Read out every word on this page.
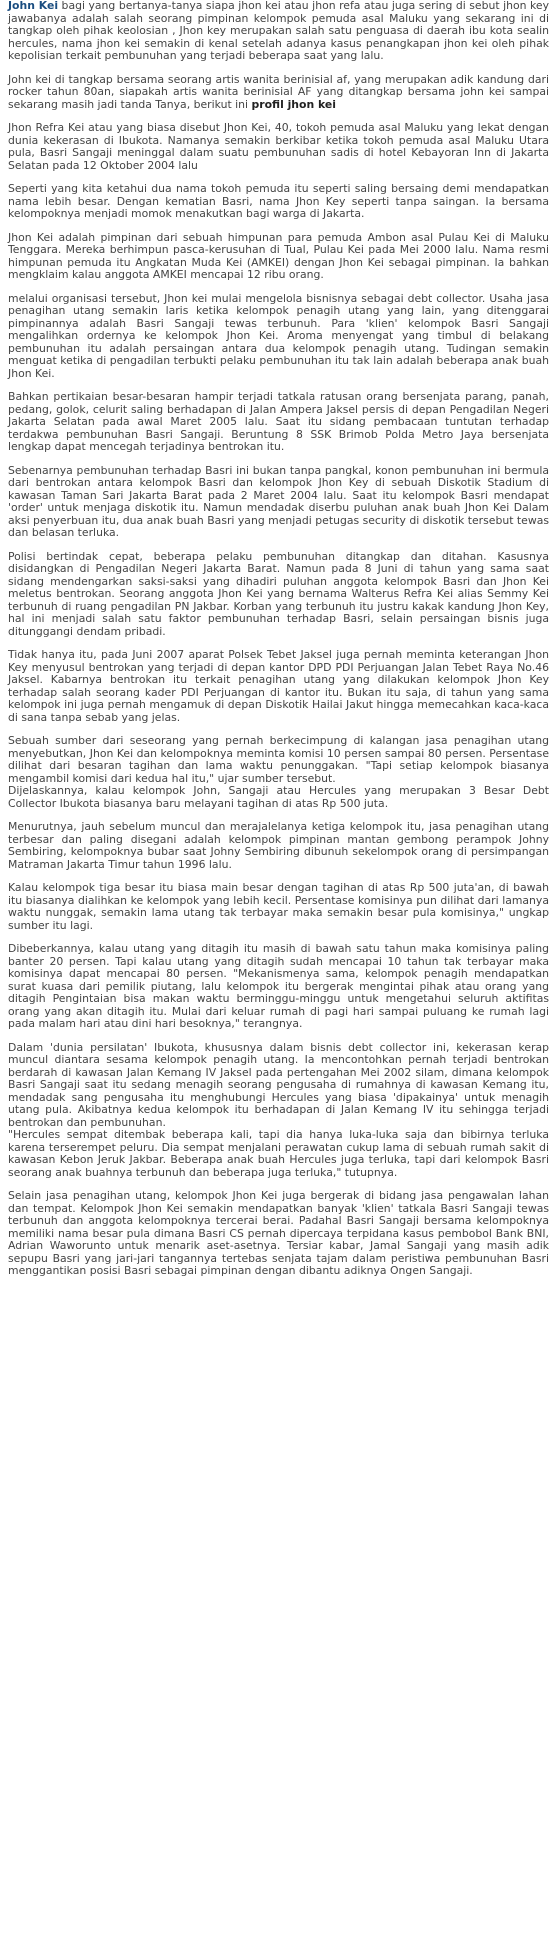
John Kei bagi yang bertanya-tanya siapa jhon kei atau jhon refa atau juga sering di sebut jhon key jawabanya adalah salah seorang pimpinan kelompok pemuda asal Maluku yang sekarang ini di tangkap oleh pihak keolosian , Jhon key merupakan salah satu penguasa di daerah ibu kota sealin hercules, nama jhon kei semakin di kenal setelah adanya kasus penangkapan jhon kei oleh pihak kepolisian terkait pembunuhan yang terjadi beberapa saat yang lalu.

John kei di tangkap bersama seorang artis wanita berinisial af, yang merupakan adik kandung dari rocker tahun 80an, siapakah artis wanita berinisial AF yang ditangkap bersama john kei sampai sekarang masih jadi tanda Tanya, berikut ini profil jhon kei

Jhon Refra Kei atau yang biasa disebut Jhon Kei, 40, tokoh pemuda asal Maluku yang lekat dengan dunia kekerasan di Ibukota. Namanya semakin berkibar ketika tokoh pemuda asal Maluku Utara pula, Basri Sangaji meninggal dalam suatu pembunuhan sadis di hotel Kebayoran Inn di Jakarta Selatan pada 12 Oktober 2004 lalu

Seperti yang kita ketahui dua nama tokoh pemuda itu seperti saling bersaing demi mendapatkan nama lebih besar. Dengan kematian Basri, nama Jhon Key seperti tanpa saingan. Ia bersama kelompoknya menjadi momok menakutkan bagi warga di Jakarta.

Jhon Kei adalah pimpinan dari sebuah himpunan para pemuda Ambon asal Pulau Kei di Maluku Tenggara. Mereka berhimpun pasca-kerusuhan di Tual, Pulau Kei pada Mei 2000 lalu. Nama resmi himpunan pemuda itu Angkatan Muda Kei (AMKEI) dengan Jhon Kei sebagai pimpinan. Ia bahkan mengklaim kalau anggota AMKEI mencapai 12 ribu orang.

melalui organisasi tersebut, Jhon kei mulai mengelola bisnisnya sebagai debt collector. Usaha jasa penagihan utang semakin laris ketika kelompok penagih utang yang lain, yang ditenggarai pimpinannya adalah Basri Sangaji tewas terbunuh. Para 'klien' kelompok Basri Sangaji mengalihkan ordernya ke kelompok Jhon Kei. Aroma menyengat yang timbul di belakang pembunuhan itu adalah persaingan antara dua kelompok penagih utang. Tudingan semakin menguat ketika di pengadilan terbukti pelaku pembunuhan itu tak lain adalah beberapa anak buah Jhon Kei.

Bahkan pertikaian besar-besaran hampir terjadi tatkala ratusan orang bersenjata parang, panah, pedang, golok, celurit saling berhadapan di Jalan Ampera Jaksel persis di depan Pengadilan Negeri Jakarta Selatan pada awal Maret 2005 lalu. Saat itu sidang pembacaan tuntutan terhadap terdakwa pembunuhan Basri Sangaji. Beruntung 8 SSK Brimob Polda Metro Jaya bersenjata lengkap dapat mencegah terjadinya bentrokan itu.

Sebenarnya pembunuhan terhadap Basri ini bukan tanpa pangkal, konon pembunuhan ini bermula dari bentrokan antara kelompok Basri dan kelompok Jhon Key di sebuah Diskotik Stadium di kawasan Taman Sari Jakarta Barat pada 2 Maret 2004 lalu. Saat itu kelompok Basri mendapat 'order' untuk menjaga diskotik itu. Namun mendadak diserbu puluhan anak buah Jhon Kei Dalam aksi penyerbuan itu, dua anak buah Basri yang menjadi petugas security di diskotik tersebut tewas dan belasan terluka.

Polisi bertindak cepat, beberapa pelaku pembunuhan ditangkap dan ditahan. Kasusnya disidangkan di Pengadilan Negeri Jakarta Barat. Namun pada 8 Juni di tahun yang sama saat sidang mendengarkan saksi-saksi yang dihadiri puluhan anggota kelompok Basri dan Jhon Kei meletus bentrokan. Seorang anggota Jhon Kei yang bernama Walterus Refra Kei alias Semmy Kei terbunuh di ruang pengadilan PN Jakbar. Korban yang terbunuh itu justru kakak kandung Jhon Key, hal ini menjadi salah satu faktor pembunuhan terhadap Basri, selain persaingan bisnis juga ditunggangi dendam pribadi.

Tidak hanya itu, pada Juni 2007 aparat Polsek Tebet Jaksel juga pernah meminta keterangan Jhon Key menyusul bentrokan yang terjadi di depan kantor DPD PDI Perjuangan Jalan Tebet Raya No.46 Jaksel. Kabarnya bentrokan itu terkait penagihan utang yang dilakukan kelompok Jhon Key terhadap salah seorang kader PDI Perjuangan di kantor itu. Bukan itu saja, di tahun yang sama kelompok ini juga pernah mengamuk di depan Diskotik Hailai Jakut hingga memecahkan kaca-kaca di sana tanpa sebab yang jelas.

Sebuah sumber dari seseorang yang pernah berkecimpung di kalangan jasa penagihan utang menyebutkan, Jhon Kei dan kelompoknya meminta komisi 10 persen sampai 80 persen. Persentase dilihat dari besaran tagihan dan lama waktu penunggakan. "Tapi setiap kelompok biasanya mengambil komisi dari kedua hal itu," ujar sumber tersebut.
Dijelaskannya, kalau kelompok John, Sangaji atau Hercules yang merupakan 3 Besar Debt Collector Ibukota biasanya baru melayani tagihan di atas Rp 500 juta.

Menurutnya, jauh sebelum muncul dan merajalelanya ketiga kelompok itu, jasa penagihan utang terbesar dan paling disegani adalah kelompok pimpinan mantan gembong perampok Johny Sembiring, kelompoknya bubar saat Johny Sembiring dibunuh sekelompok orang di persimpangan Matraman Jakarta Timur tahun 1996 lalu.

Kalau kelompok tiga besar itu biasa main besar dengan tagihan di atas Rp 500 juta'an, di bawah itu biasanya dialihkan ke kelompok yang lebih kecil. Persentase komisinya pun dilihat dari lamanya waktu nunggak, semakin lama utang tak terbayar maka semakin besar pula komisinya," ungkap sumber itu lagi.

Dibeberkannya, kalau utang yang ditagih itu masih di bawah satu tahun maka komisinya paling banter 20 persen. Tapi kalau utang yang ditagih sudah mencapai 10 tahun tak terbayar maka komisinya dapat mencapai 80 persen. "Mekanismenya sama, kelompok penagih mendapatkan surat kuasa dari pemilik piutang, lalu kelompok itu bergerak mengintai pihak atau orang yang ditagih Pengintaian bisa makan waktu berminggu-minggu untuk mengetahui seluruh aktifitas orang yang akan ditagih itu. Mulai dari keluar rumah di pagi hari sampai puluang ke rumah lagi pada malam hari atau dini hari besoknya," terangnya.

Dalam 'dunia persilatan' Ibukota, khususnya dalam bisnis debt collector ini, kekerasan kerap muncul diantara sesama kelompok penagih utang. Ia mencontohkan pernah terjadi bentrokan berdarah di kawasan Jalan Kemang IV Jaksel pada pertengahan Mei 2002 silam, dimana kelompok Basri Sangaji saat itu sedang menagih seorang pengusaha di rumahnya di kawasan Kemang itu, mendadak sang pengusaha itu menghubungi Hercules yang biasa 'dipakainya' untuk menagih utang pula. Akibatnya kedua kelompok itu berhadapan di Jalan Kemang IV itu sehingga terjadi bentrokan dan pembunuhan.
"Hercules sempat ditembak beberapa kali, tapi dia hanya luka-luka saja dan bibirnya terluka karena terserempet peluru. Dia sempat menjalani perawatan cukup lama di sebuah rumah sakit di kawasan Kebon Jeruk Jakbar. Beberapa anak buah Hercules juga terluka, tapi dari kelompok Basri seorang anak buahnya terbunuh dan beberapa juga terluka," tutupnya.

Selain jasa penagihan utang, kelompok Jhon Kei juga bergerak di bidang jasa pengawalan lahan dan tempat. Kelompok Jhon Kei semakin mendapatkan banyak 'klien' tatkala Basri Sangaji tewas terbunuh dan anggota kelompoknya tercerai berai. Padahal Basri Sangaji bersama kelompoknya memiliki nama besar pula dimana Basri CS pernah dipercaya terpidana kasus pembobol Bank BNI, Adrian Waworunto untuk menarik aset-asetnya. Tersiar kabar, Jamal Sangaji yang masih adik sepupu Basri yang jari-jari tangannya tertebas senjata tajam dalam peristiwa pembunuhan Basri menggantikan posisi Basri sebagai pimpinan dengan dibantu adiknya Ongen Sangaji.
